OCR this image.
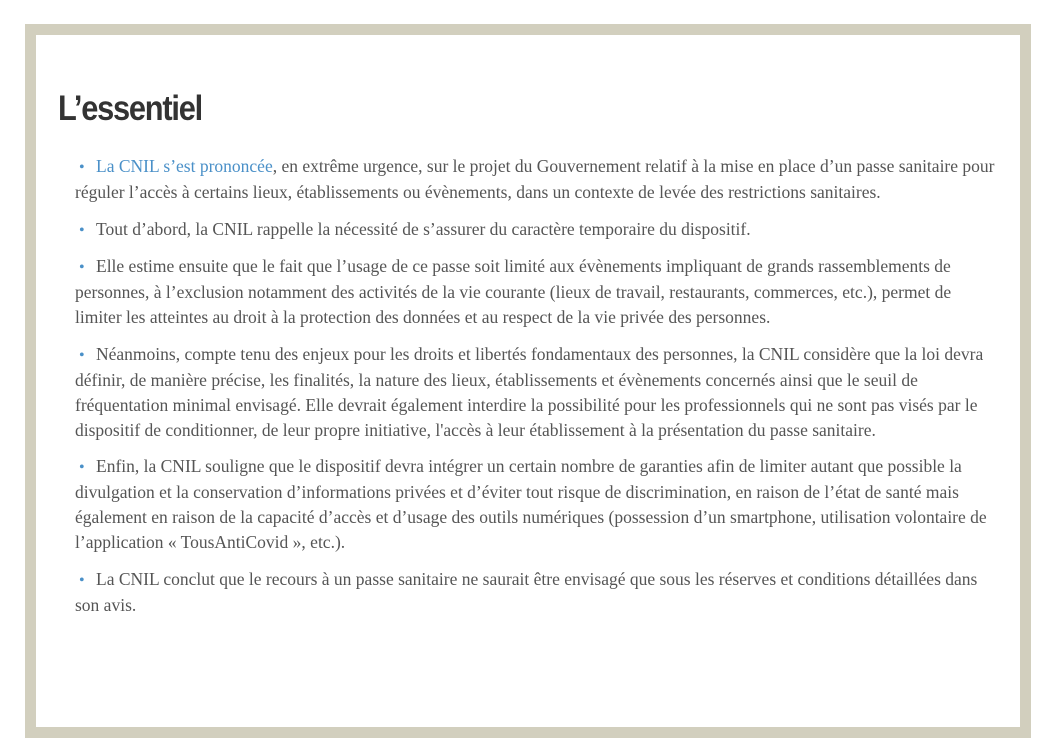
L’essentiel
• La CNIL s’est prononcée, en extrême urgence, sur le projet du Gouvernement relatif à la mise en place d’un passe sanitaire pour réguler l’accès à certains lieux, établissements ou évènements, dans un contexte de levée des restrictions sanitaires.
• Tout d’abord, la CNIL rappelle la nécessité de s’assurer du caractère temporaire du dispositif.
• Elle estime ensuite que le fait que l’usage de ce passe soit limité aux évènements impliquant de grands rassemblements de personnes, à l’exclusion notamment des activités de la vie courante (lieux de travail, restaurants, commerces, etc.), permet de limiter les atteintes au droit à la protection des données et au respect de la vie privée des personnes.
• Néanmoins, compte tenu des enjeux pour les droits et libertés fondamentaux des personnes, la CNIL considère que la loi devra définir, de manière précise, les finalités, la nature des lieux, établissements et évènements concernés ainsi que le seuil de fréquentation minimal envisagé. Elle devrait également interdire la possibilité pour les professionnels qui ne sont pas visés par le dispositif de conditionner, de leur propre initiative, l'accès à leur établissement à la présentation du passe sanitaire.
• Enfin, la CNIL souligne que le dispositif devra intégrer un certain nombre de garanties afin de limiter autant que possible la divulgation et la conservation d’informations privées et d’éviter tout risque de discrimination, en raison de l’état de santé mais également en raison de la capacité d’accès et d’usage des outils numériques (possession d’un smartphone, utilisation volontaire de l’application « TousAntiCovid », etc.).
• La CNIL conclut que le recours à un passe sanitaire ne saurait être envisagé que sous les réserves et conditions détaillées dans son avis.
